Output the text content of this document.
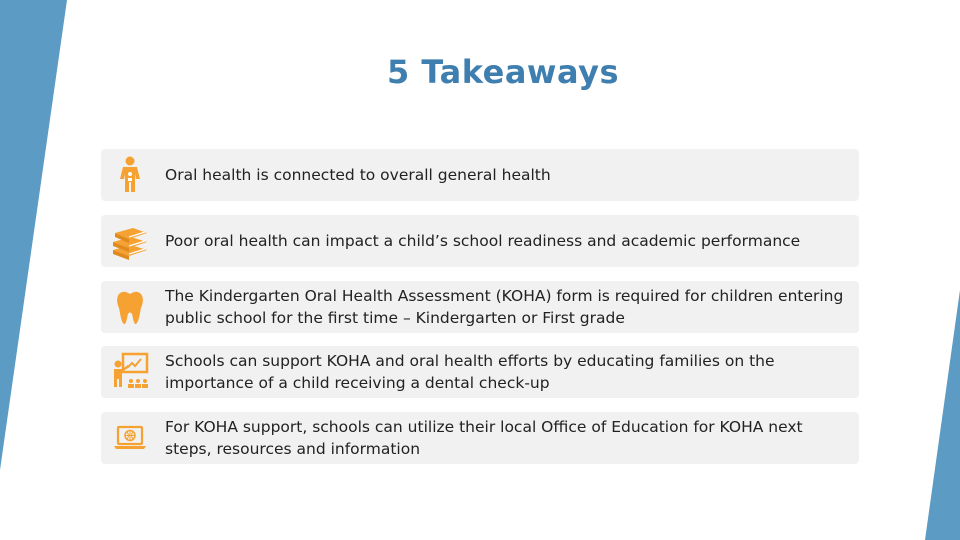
5 Takeaways
Oral health is connected to overall general health
Poor oral health can impact a child’s school readiness and academic performance
The Kindergarten Oral Health Assessment (KOHA) form is required for children entering public school for the first time – Kindergarten or First grade
Schools can support KOHA and oral health efforts by educating families on the importance of a child receiving a dental check-up
For KOHA support, schools can utilize their local Office of Education for KOHA next steps, resources and information
